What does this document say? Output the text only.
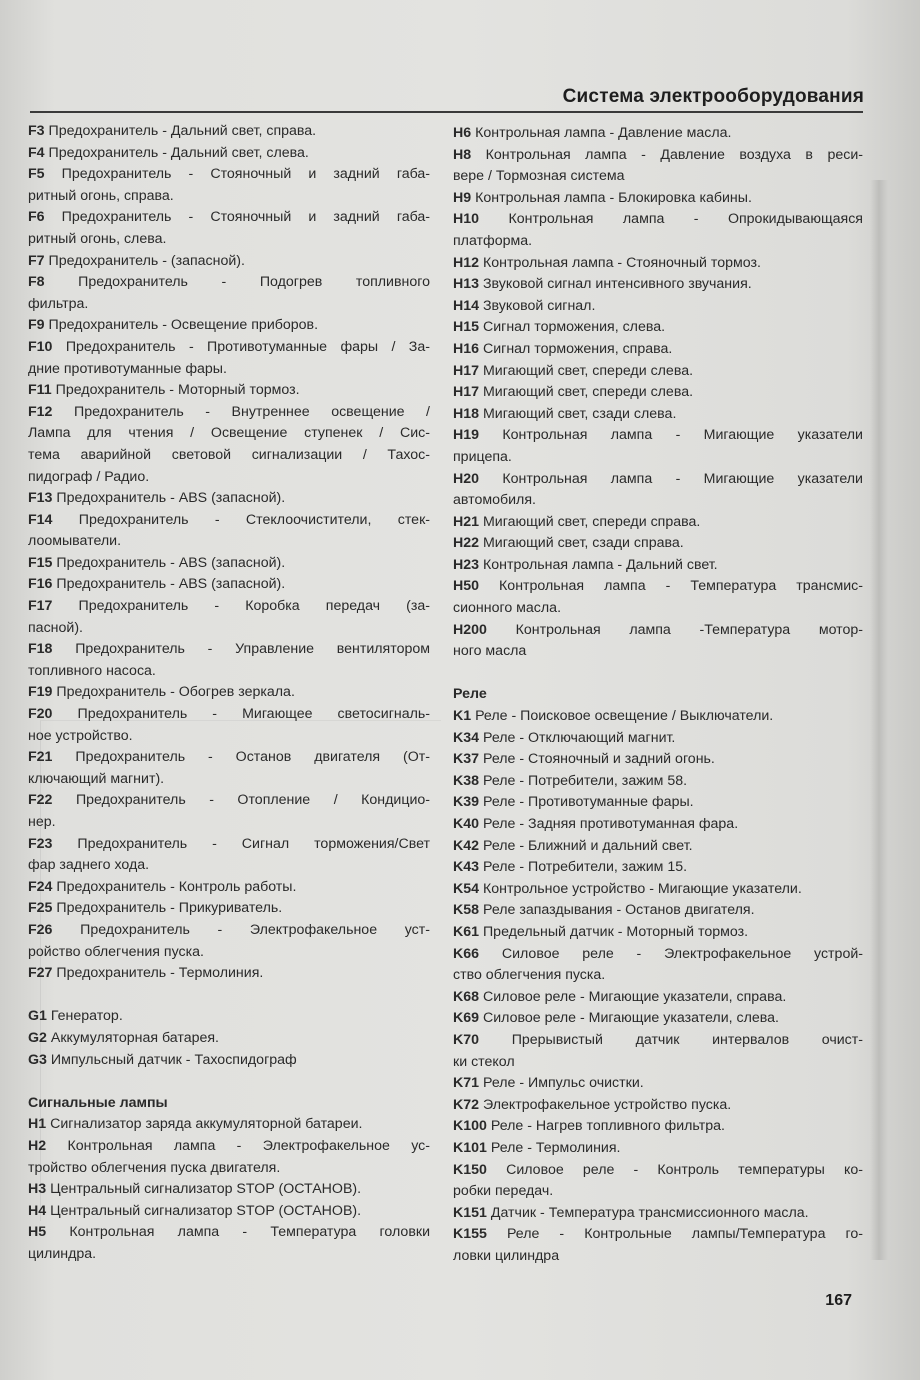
Система электрооборудования
F3 Предохранитель - Дальний свет, справа.
F4 Предохранитель - Дальний свет, слева.
F5 Предохранитель - Стояночный и задний габа-
ритный огонь, справа.
F6 Предохранитель - Стояночный и задний габа-
ритный огонь, слева.
F7 Предохранитель - (запасной).
F8 Предохранитель - Подогрев топливного
фильтра.
F9 Предохранитель - Освещение приборов.
F10 Предохранитель - Противотуманные фары / За-
дние противотуманные фары.
F11 Предохранитель - Моторный тормоз.
F12 Предохранитель - Внутреннее освещение /
Лампа для чтения / Освещение ступенек / Сис-
тема аварийной световой сигнализации / Тахос-
пидограф / Радио.
F13 Предохранитель - ABS (запасной).
F14 Предохранитель - Стеклоочистители, стек-
лоомыватели.
F15 Предохранитель - ABS (запасной).
F16 Предохранитель - ABS (запасной).
F17 Предохранитель - Коробка передач (за-
пасной).
F18 Предохранитель - Управление вентилятором
топливного насоса.
F19 Предохранитель - Обогрев зеркала.
F20 Предохранитель - Мигающее светосигналь-
ное устройство.
F21 Предохранитель - Останов двигателя (От-
ключающий магнит).
F22 Предохранитель - Отопление / Кондицио-
нер.
F23 Предохранитель - Сигнал торможения/Свет
фар заднего хода.
F24 Предохранитель - Контроль работы.
F25 Предохранитель - Прикуриватель.
F26 Предохранитель - Электрофакельное уст-
ройство облегчения пуска.
F27 Предохранитель - Термолиния.
G1 Генератор.
G2 Аккумуляторная батарея.
G3 Импульсный датчик - Тахоспидограф
Сигнальные лампы
H1 Сигнализатор заряда аккумуляторной батареи.
H2 Контрольная лампа - Электрофакельное ус-
тройство облегчения пуска двигателя.
H3 Центральный сигнализатор STOP (ОСТАНОВ).
H4 Центральный сигнализатор STOP (ОСТАНОВ).
H5 Контрольная лампа - Температура головки
цилиндра.
H6 Контрольная лампа - Давление масла.
H8 Контрольная лампа - Давление воздуха в реси-
вере / Тормозная система
H9 Контрольная лампа - Блокировка кабины.
H10 Контрольная лампа - Опрокидывающаяся
платформа.
H12 Контрольная лампа - Стояночный тормоз.
H13 Звуковой сигнал интенсивного звучания.
H14 Звуковой сигнал.
H15 Сигнал торможения, слева.
H16 Сигнал торможения, справа.
H17 Мигающий свет, спереди слева.
H17 Мигающий свет, спереди слева.
H18 Мигающий свет, сзади слева.
H19 Контрольная лампа - Мигающие указатели
прицепа.
H20 Контрольная лампа - Мигающие указатели
автомобиля.
H21 Мигающий свет, спереди справа.
H22 Мигающий свет, сзади справа.
H23 Контрольная лампа - Дальний свет.
H50 Контрольная лампа - Температура трансмис-
сионного масла.
H200 Контрольная лампа -Температура мотор-
ного масла
Реле
K1 Реле - Поисковое освещение / Выключатели.
K34 Реле - Отключающий магнит.
K37 Реле - Стояночный и задний огонь.
K38 Реле - Потребители, зажим 58.
K39 Реле - Противотуманные фары.
K40 Реле - Задняя противотуманная фара.
K42 Реле - Ближний и дальний свет.
K43 Реле - Потребители, зажим 15.
K54 Контрольное устройство - Мигающие указатели.
K58 Реле запаздывания - Останов двигателя.
K61 Предельный датчик - Моторный тормоз.
K66 Силовое реле - Электрофакельное устрой-
ство облегчения пуска.
K68 Силовое реле - Мигающие указатели, справа.
K69 Силовое реле - Мигающие указатели, слева.
K70 Прерывистый датчик интервалов очист-
ки стекол
K71 Реле - Импульс очистки.
K72 Электрофакельное устройство пуска.
K100 Реле - Нагрев топливного фильтра.
K101 Реле - Термолиния.
K150 Силовое реле - Контроль температуры ко-
робки передач.
K151 Датчик - Температура трансмиссионного масла.
K155 Реле - Контрольные лампы/Температура го-
ловки цилиндра
167
